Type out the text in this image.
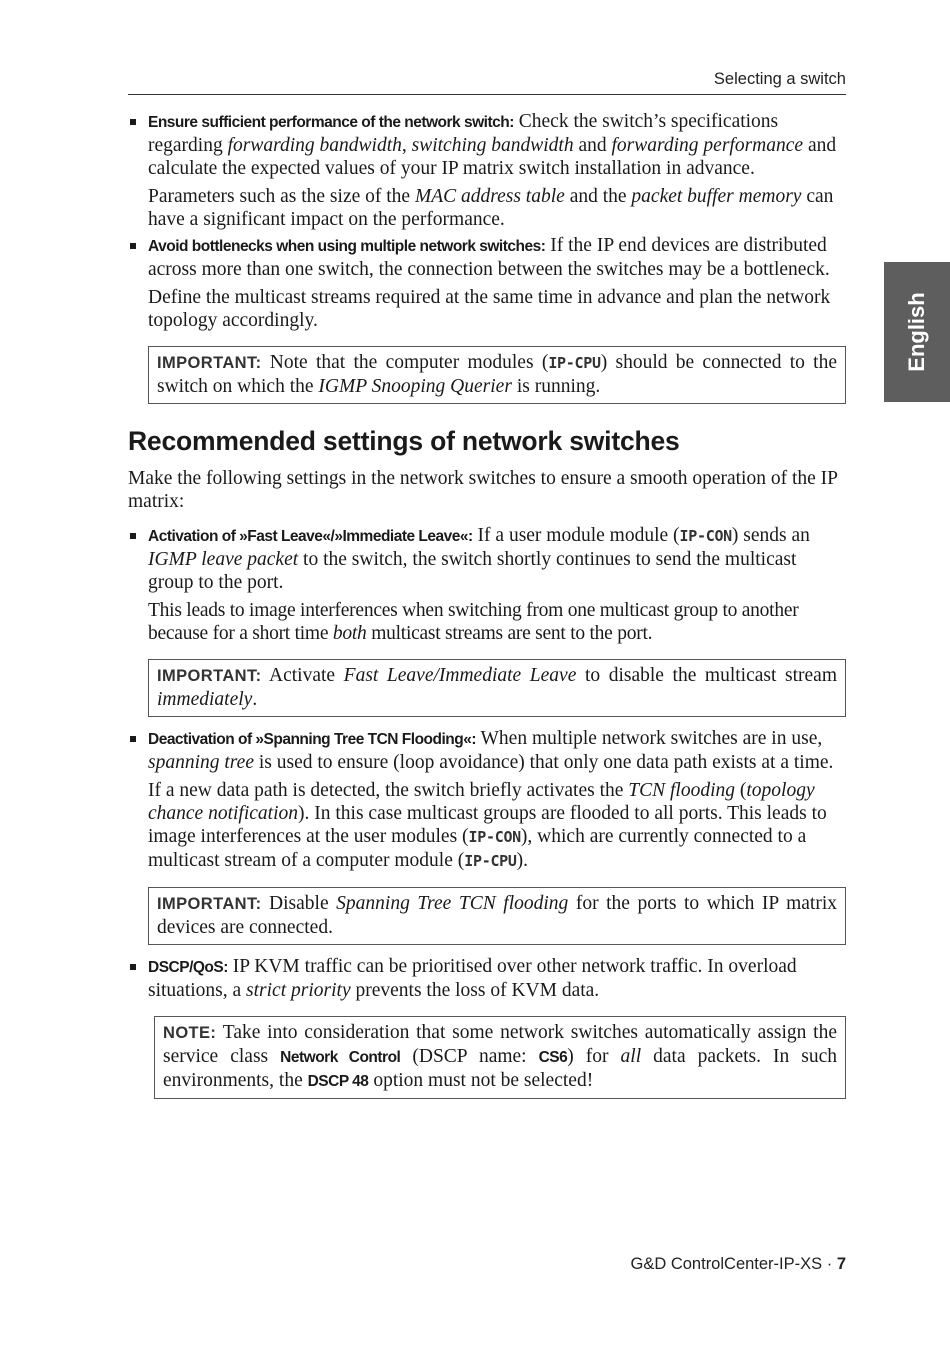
Selecting a switch
English
Ensure sufficient performance of the network switch: Check the switch’s specifications regarding forwarding bandwidth, switching bandwidth and forwarding performance and calculate the expected values of your IP matrix switch installation in advance.
Parameters such as the size of the MAC address table and the packet buffer memory can have a significant impact on the performance.
Avoid bottlenecks when using multiple network switches: If the IP end devices are distributed across more than one switch, the connection between the switches may be a bottleneck.
Define the multicast streams required at the same time in advance and plan the network topology accordingly.
IMPORTANT: Note that the computer modules (IP-CPU) should be connected to the switch on which the IGMP Snooping Querier is running.
Recommended settings of network switches
Make the following settings in the network switches to ensure a smooth operation of the IP matrix:
Activation of »Fast Leave«/»Immediate Leave«: If a user module module (IP-CON) sends an IGMP leave packet to the switch, the switch shortly continues to send the multicast group to the port.
This leads to image interferences when switching from one multicast group to another because for a short time both multicast streams are sent to the port.
IMPORTANT: Activate Fast Leave/Immediate Leave to disable the multicast stream immediately.
Deactivation of »Spanning Tree TCN Flooding«: When multiple network switches are in use, spanning tree is used to ensure (loop avoidance) that only one data path exists at a time.
If a new data path is detected, the switch briefly activates the TCN flooding (topology chance notification). In this case multicast groups are flooded to all ports. This leads to image interferences at the user modules (IP-CON), which are currently connected to a multicast stream of a computer module (IP-CPU).
IMPORTANT: Disable Spanning Tree TCN flooding for the ports to which IP matrix devices are connected.
DSCP/QoS: IP KVM traffic can be prioritised over other network traffic. In overload situations, a strict priority prevents the loss of KVM data.
NOTE: Take into consideration that some network switches automatically assign the service class Network Control (DSCP name: CS6) for all data packets. In such environments, the DSCP 48 option must not be selected!
G&D ControlCenter-IP-XS · 7
